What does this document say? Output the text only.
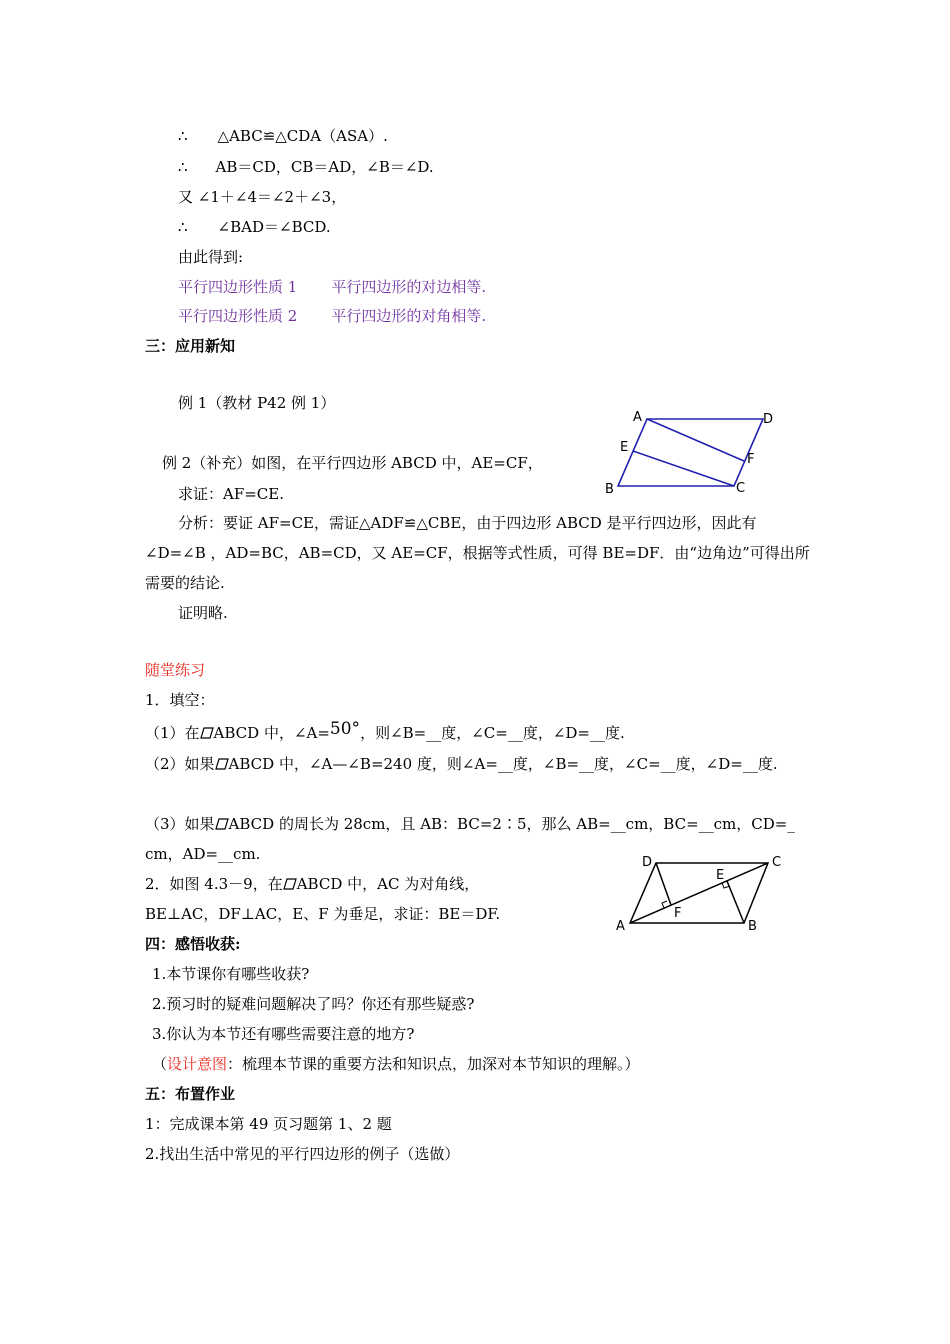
∴ △ABC≌△CDA（ASA）.
∴ AB＝CD，CB＝AD，∠B＝∠D.
又 ∠1＋∠4＝∠2＋∠3，
∴ ∠BAD＝∠BCD.
由此得到:
平行四边形性质 1 平行四边形的对边相等.
平行四边形性质 2 平行四边形的对角相等.
三：应用新知
例 1（教材 P42 例 1）
例 2（补充）如图，在平行四边形 ABCD 中，AE=CF，
求证：AF=CE.
分析：要证 AF=CE，需证△ADF≌△CBE，由于四边形 ABCD 是平行四边形，因此有∠D=∠B ，AD=BC，AB=CD，又 AE=CF，根据等式性质，可得 BE=DF．由“边角边”可得出所需要的结论.
证明略.
A	D
E
F
B	C
随堂练习
1．填空：
（1）在 ABCD 中，∠A=50°，则∠B=__度，∠C=__度，∠D=__度.
（2）如果 ABCD 中，∠A—∠B=240 度，则∠A=__度，∠B=__度，∠C=__度，∠D=__度.
（3）如果 ABCD 的周长为 28cm，且 AB：BC=2∶5，那么 AB=__cm，BC=__cm，CD=_
cm，AD=__cm.
2．如图 4.3－9，在 ABCD 中，AC 为对角线，
BE⊥AC，DF⊥AC，E、F 为垂足，求证：BE＝DF.
D	C
E
F
A	B
四：感悟收获:
1.本节课你有哪些收获?
2.预习时的疑难问题解决了吗？你还有那些疑惑?
3.你认为本节还有哪些需要注意的地方?
（设计意图：梳理本节课的重要方法和知识点，加深对本节知识的理解。）
五：布置作业
1：完成课本第 49 页习题第 1、2 题
2.找出生活中常见的平行四边形的例子（选做）
